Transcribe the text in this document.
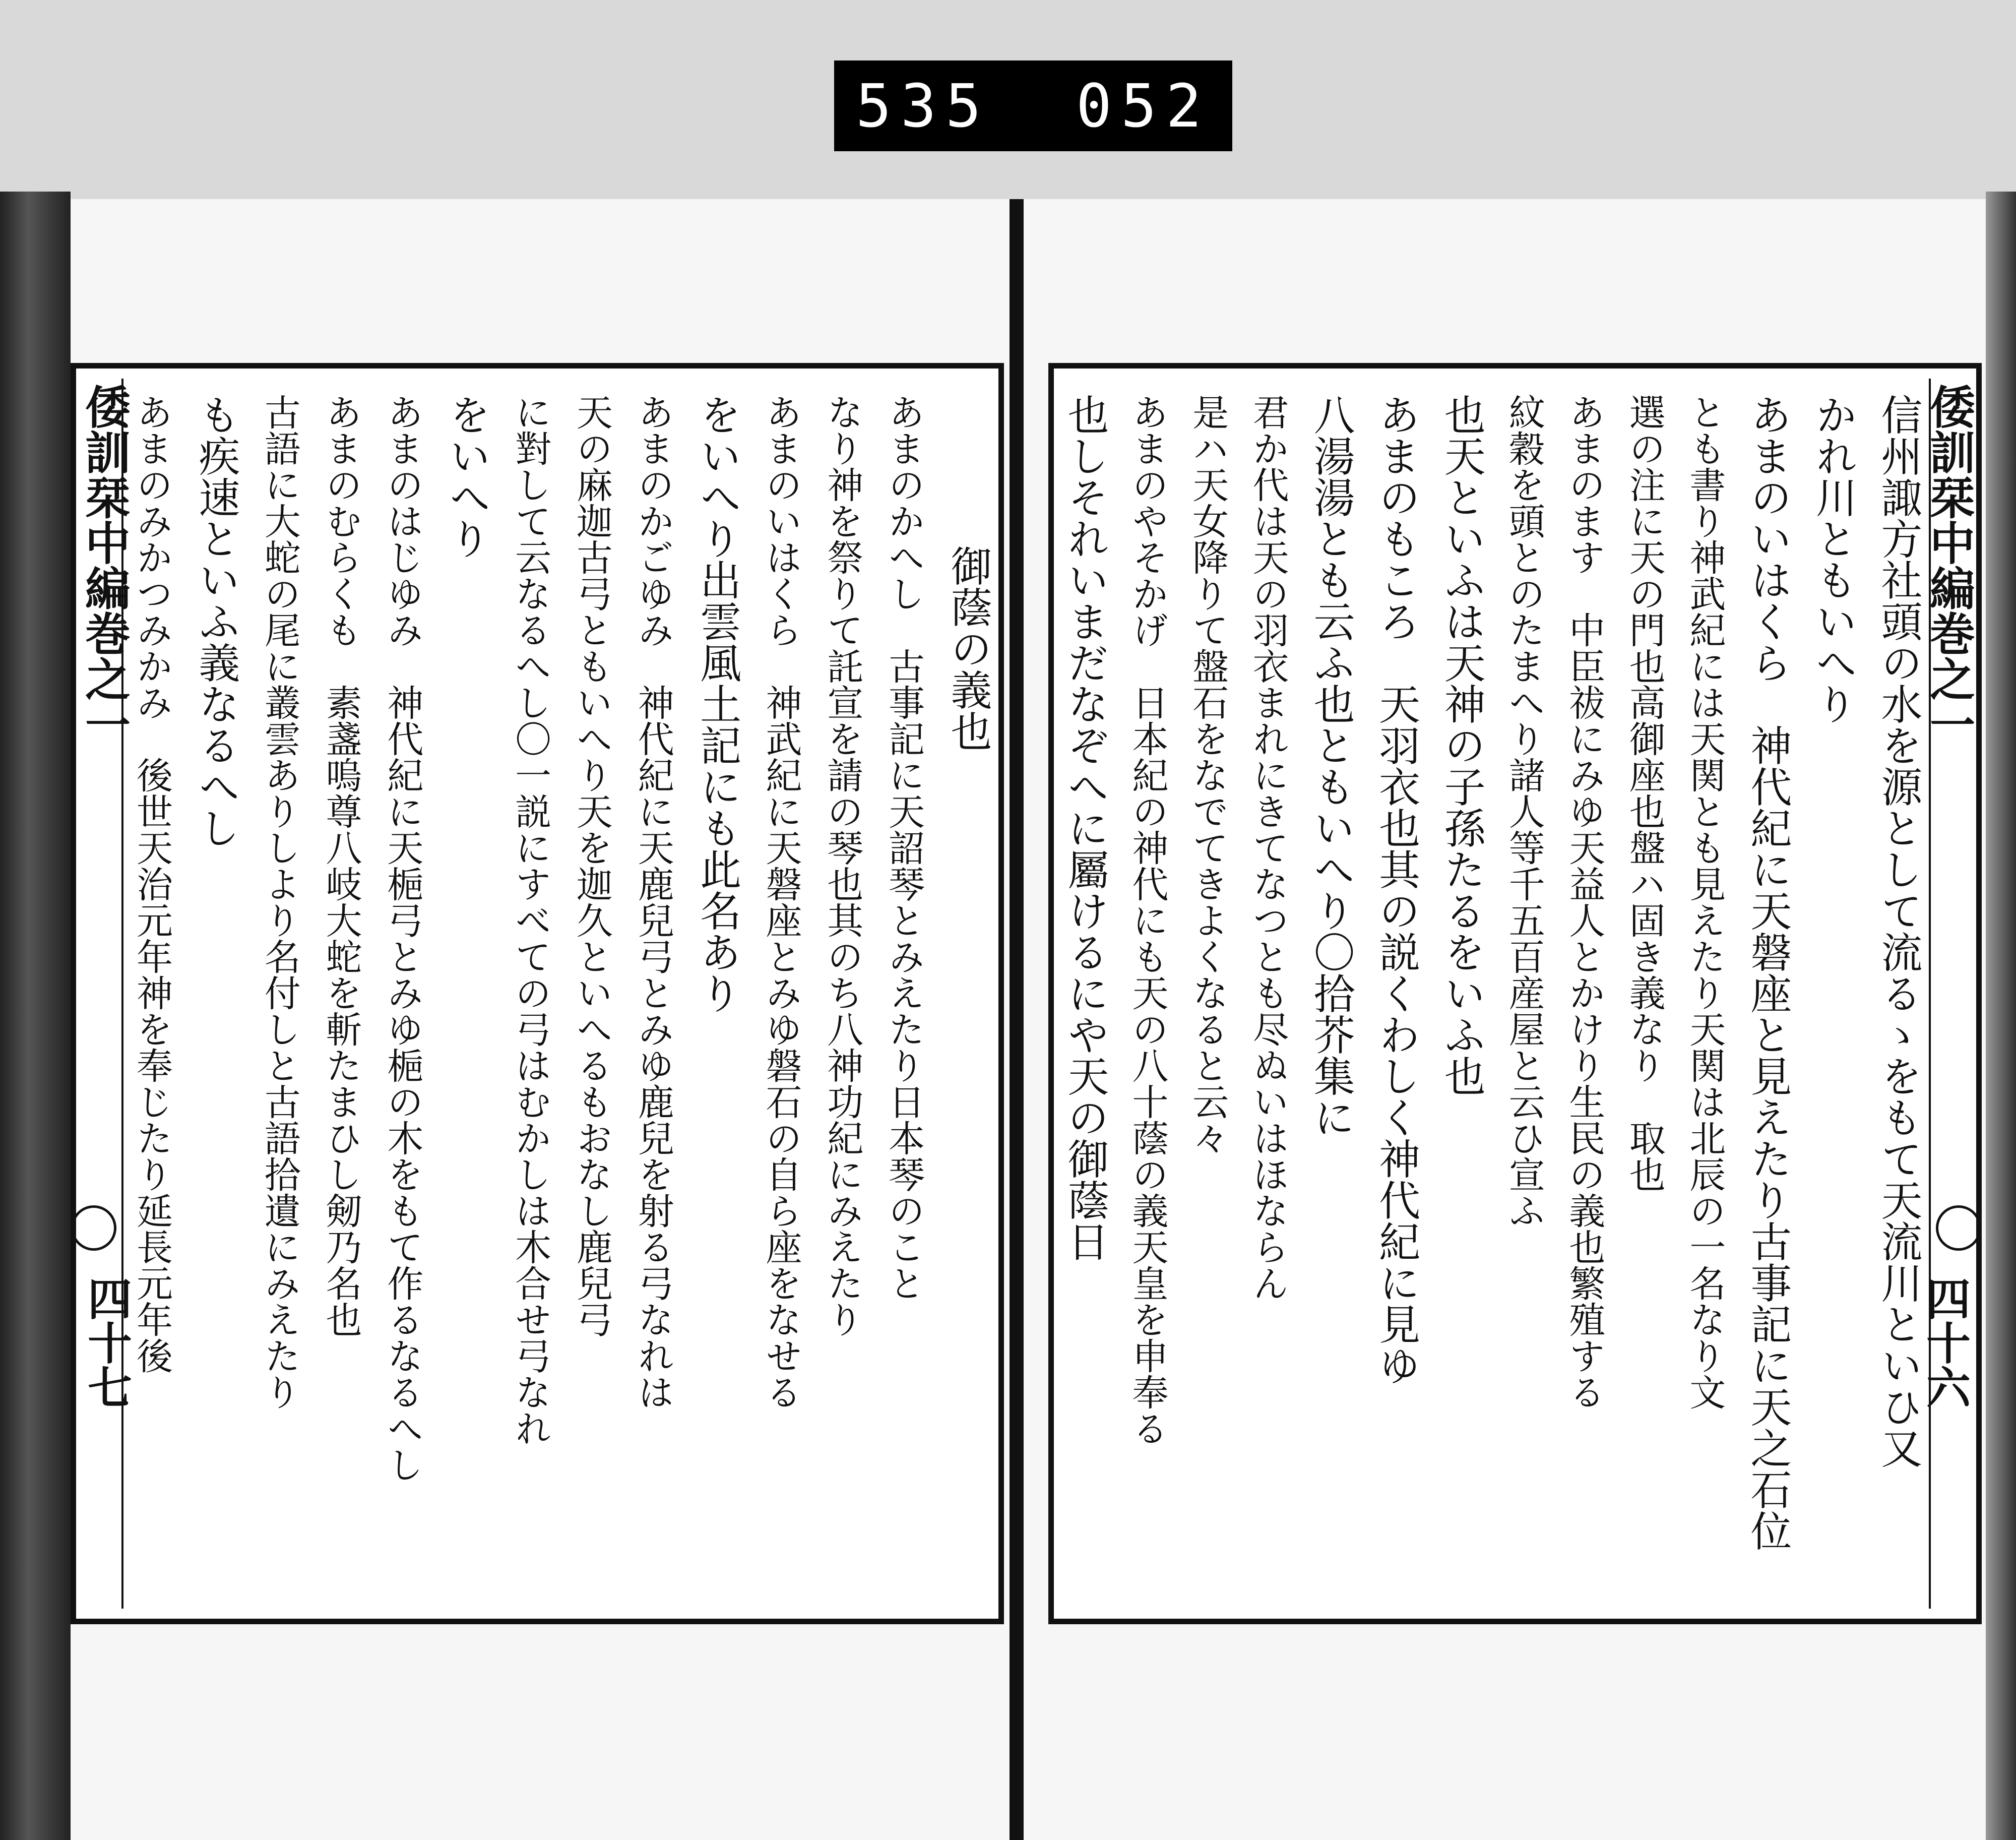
535 052
倭訓栞中編巻之一
四十六
信州諏方社頭の水を源として流るゝをもて天流川といひ又
かれ川ともいへり
あまのいはくら　神代紀に天磐座と見えたり古事記に天之石位
とも書り神武紀には天関とも見えたり天関は北辰の一名なり文
選の注に天の門也高御座也盤ハ固き義なり　取也
あまのます　中臣祓にみゆ天益人とかけり生民の義也繁殖する
紋穀を頭とのたまへり諸人等千五百産屋と云ひ宣ふ
也天といふは天神の子孫たるをいふ也
あまのもころ　天羽衣也其の説くわしく神代紀に見ゆ
八湯湯とも云ふ也ともいへり〇拾芥集に
君か代は天の羽衣まれにきてなつとも尽ぬいはほならん
是ハ天女降りて盤石をなでてきよくなると云々
あまのやそかげ　日本紀の神代にも天の八十蔭の義天皇を申奉る
也しそれいまだなぞへに屬けるにや天の御蔭日
倭訓栞中編巻之一
四十七
御蔭の義也
あまのかへし　古事記に天詔琴とみえたり日本琴のこと
なり神を祭りて託宣を請の琴也其のち八神功紀にみえたり
あまのいはくら　神武紀に天磐座とみゆ磐石の自ら座をなせる
をいへり出雲風土記にも此名あり
あまのかごゆみ　神代紀に天鹿兒弓とみゆ鹿兒を射る弓なれは
天の麻迦古弓ともいへり天を迦久といへるもおなし鹿兒弓
に對して云なるへし〇一説にすべての弓はむかしは木合せ弓なれ
をいへり
あまのはじゆみ　神代紀に天梔弓とみゆ梔の木をもて作るなるへし
あまのむらくも　素盞嗚尊八岐大蛇を斬たまひし剱乃名也
古語に大蛇の尾に叢雲ありしより名付しと古語拾遺にみえたり
も疾速といふ義なるへし
あまのみかつみかみ　後世天治元年神を奉じたり延長元年後
